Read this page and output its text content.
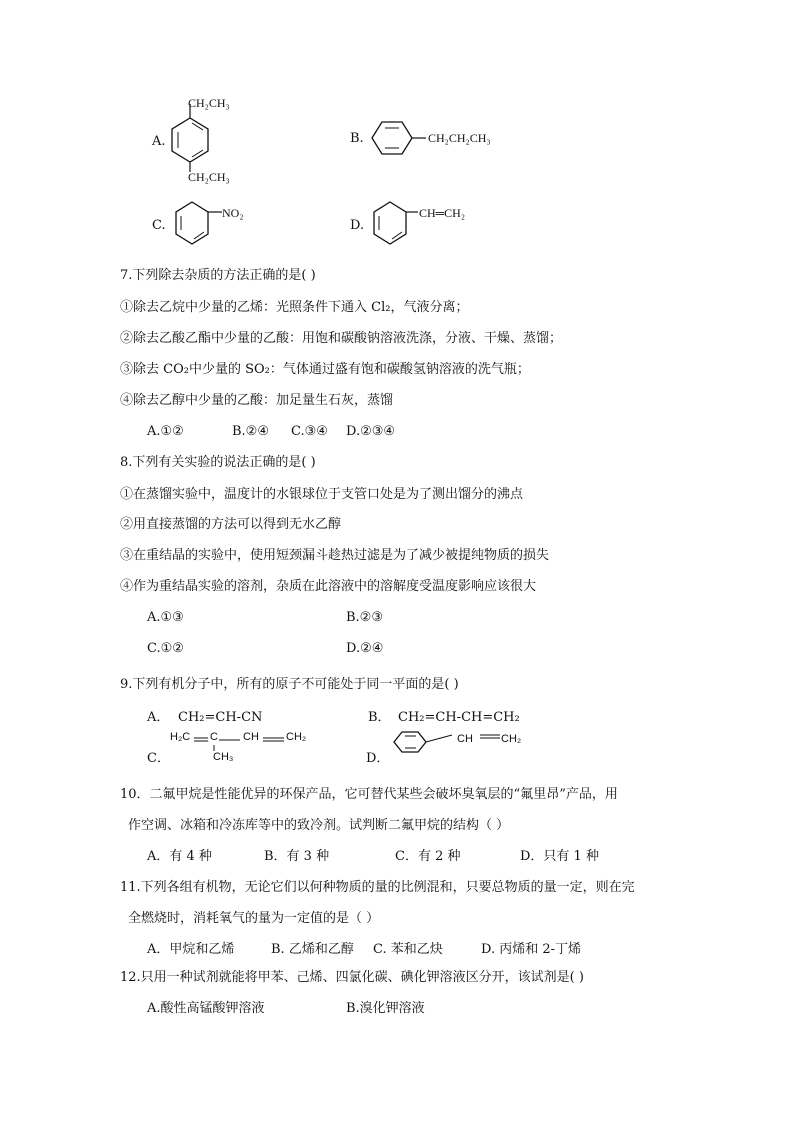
A.
CH₂CH₃
CH₂CH₃
B.	CH₂CH₂CH₃
C.
NO₂
D.
CH═CH₂
7.下列除去杂质的方法正确的是( )
①除去乙烷中少量的乙烯：光照条件下通入 Cl₂，气液分离；
②除去乙酸乙酯中少量的乙酸：用饱和碳酸钠溶液洗涤，分液、干燥、蒸馏；
③除去 CO₂中少量的 SO₂：气体通过盛有饱和碳酸氢钠溶液的洗气瓶；
④除去乙醇中少量的乙酸：加足量生石灰，蒸馏
A.①②	B.②④ C.③④ D.②③④
8.下列有关实验的说法正确的是( )
①在蒸馏实验中，温度计的水银球位于支管口处是为了测出馏分的沸点
②用直接蒸馏的方法可以得到无水乙醇
③在重结晶的实验中，使用短颈漏斗趁热过滤是为了减少被提纯物质的损失
④作为重结晶实验的溶剂，杂质在此溶液中的溶解度受温度影响应该很大
A.①③	B.②③
C.①②	D.②④
9.下列有机分子中，所有的原子不可能处于同一平面的是( )
A． CH₂=CH-CN	B． CH₂=CH-CH=CH₂
C．
H₂C C
CH₃
CH CH₂
D．
CH	CH₂
10．二氟甲烷是性能优异的环保产品，它可替代某些会破坏臭氧层的“氟里昂”产品，用
作空调、冰箱和冷冻库等中的致冷剂。试判断二氟甲烷的结构（ ）
A．有 4 种	B．有 3 种	C．有 2 种	D．只有 1 种
11.下列各组有机物，无论它们以何种物质的量的比例混和，只要总物质的量一定，则在完
全燃烧时，消耗氧气的量为一定值的是（ ）
A．甲烷和乙烯	B. 乙烯和乙醇 C. 苯和乙炔	D. 丙烯和 2-丁烯
12.只用一种试剂就能将甲苯、己烯、四氯化碳、碘化钾溶液区分开，该试剂是( )
A.酸性高锰酸钾溶液	B.溴化钾溶液
